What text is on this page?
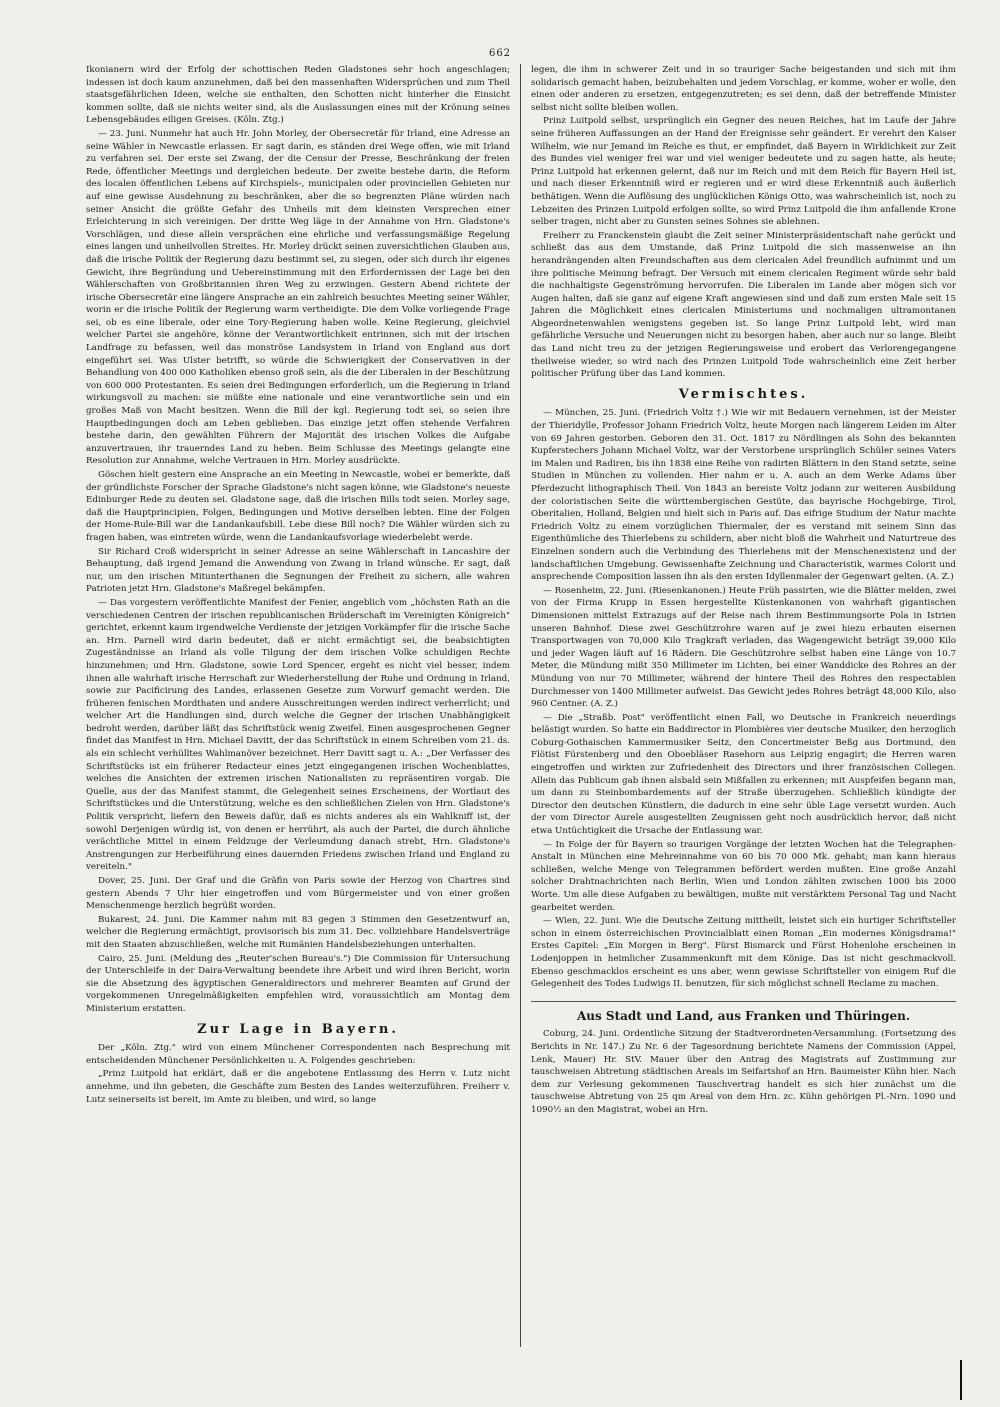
662

Ikonianern wird der Erfolg der schottischen Reden Gladstones sehr hoch angeschlagen; indessen ist doch kaum anzunehmen, daß bei den massenhaften Widersprüchen und zum Theil staatsgefährlichen Ideen, welche sie enthalten, den Schotten nicht hinterher die Einsicht kommen sollte, daß sie nichts weiter sind, als die Auslassungen eines mit der Krönung seines Lebensgebäudes eiligen Greises. (Köln. Ztg.)

— 23. Juni. Nunmehr hat auch Hr. John Morley, der Obersecretär für Irland, eine Adresse an seine Wähler in Newcastle erlassen. Er sagt darin, es ständen drei Wege offen, wie mit Irland zu verfahren sei. Der erste sei Zwang, der die Censur der Presse, Beschränkung der freien Rede, öffentlicher Meetings und dergleichen bedeute. Der zweite bestehe darin, die Reform des localen öffentlichen Lebens auf Kirchspiels-, municipalen oder provinciellen Gebieten nur auf eine gewisse Ausdehnung zu beschränken, aber die so begrenzten Pläne würden nach seiner Ansicht die größte Gefahr des Unheils mit dem kleinsten Versprechen einer Erleichterung in sich vereinigen. Der dritte Weg läge in der Annahme von Hrn. Gladstone's Vorschlägen, und diese allein versprächen eine ehrliche und verfassungsmäßige Regelung eines langen und unheilvollen Streites. Hr. Morley drückt seinen zuversichtlichen Glauben aus, daß die irische Politik der Regierung dazu bestimmt sei, zu siegen, oder sich durch ihr eigenes Gewicht, ihre Begründung und Uebereinstimmung mit den Erfordernissen der Lage bei den Wählerschaften von Großbritannien ihren Weg zu erzwingen. Gestern Abend richtete der irische Obersecretär eine längere Ansprache an ein zahlreich besuchtes Meeting seiner Wähler, worin er die irische Politik der Regierung warm vertheidigte. Die dem Volke vorliegende Frage sei, ob es eine liberale, oder eine Tory-Regierung haben wolle. Keine Regierung, gleichviel welcher Partei sie angehöre, könne der Verantwortlichkeit entrinnen, sich mit der irischen Landfrage zu befassen, weil das monströse Landsystem in Irland von England aus dort eingeführt sei. Was Ulster betrifft, so würde die Schwierigkeit der Conservativen in der Behandlung von 400 000 Katholiken ebenso groß sein, als die der Liberalen in der Beschützung von 600 000 Protestanten. Es seien drei Bedingungen erforderlich, um die Regierung in Irland wirkungsvoll zu machen: sie müßte eine nationale und eine verantwortliche sein und ein großes Maß von Macht besitzen. Wenn die Bill der kgl. Regierung todt sei, so seien ihre Hauptbedingungen doch am Leben geblieben. Das einzige jetzt offen stehende Verfahren bestehe darin, den gewählten Führern der Majorität des irischen Volkes die Aufgabe anzuvertrauen, ihr trauerndes Land zu heben. Beim Schlusse des Meetings gelangte eine Resolution zur Annahme, welche Vertrauen in Hrn. Morley ausdrückte.

Göschen hielt gestern eine Ansprache an ein Meeting in Newcastle, wobei er bemerkte, daß der gründlichste Forscher der Sprache Gladstone's nicht sagen könne, wie Gladstone's neueste Edinburger Rede zu deuten sei. Gladstone sage, daß die irischen Bills todt seien. Morley sage, daß die Hauptprincipien, Folgen, Bedingungen und Motive derselben lebten. Eine der Folgen der Home-Rule-Bill war die Landankaufsbill. Lebe diese Bill noch? Die Wähler würden sich zu fragen haben, was eintreten würde, wenn die Landankaufsvorlage wiederbelebt werde.

Sir Richard Croß widerspricht in seiner Adresse an seine Wählerschaft in Lancashire der Behauptung, daß irgend Jemand die Anwendung von Zwang in Irland wünsche. Er sagt, daß nur, um den irischen Mitunterthanen die Segnungen der Freiheit zu sichern, alle wahren Patrioten jetzt Hrn. Gladstone's Maßregel bekämpfen.

— Das vorgestern veröffentlichte Manifest der Fenier, angeblich vom „höchsten Rath an die verschiedenen Centren der irischen republicanischen Brüderschaft im Vereinigten Königreich" gerichtet, erkennt kaum irgendwelche Verdienste der jetzigen Vorkämpfer für die irische Sache an. Hrn. Parnell wird darin bedeutet, daß er nicht ermächtigt sei, die beabsichtigten Zugeständnisse an Irland als volle Tilgung der dem irischen Volke schuldigen Rechte hinzunehmen; und Hrn. Gladstone, sowie Lord Spencer, ergeht es nicht viel besser, indem ihnen alle wahrhaft irische Herrschaft zur Wiederherstellung der Ruhe und Ordnung in Irland, sowie zur Pacificirung des Landes, erlassenen Gesetze zum Vorwurf gemacht werden. Die früheren fenischen Mordthaten und andere Ausschreitungen werden indirect verherrlicht; und welcher Art die Handlungen sind, durch welche die Gegner der irischen Unabhängigkeit bedroht werden, darüber läßt das Schriftstück wenig Zweifel. Einen ausgesprochenen Gegner findet das Manifest in Hrn. Michael Davitt, der das Schriftstück in einem Schreiben vom 21. ds. als ein schlecht verhülltes Wahlmanöver bezeichnet. Herr Davitt sagt u. A.: „Der Verfasser des Schriftstücks ist ein früherer Redacteur eines jetzt eingegangenen irischen Wochenblattes, welches die Ansichten der extremen irischen Nationalisten zu repräsentiren vorgab. Die Quelle, aus der das Manifest stammt, die Gelegenheit seines Erscheinens, der Wortlaut des Schriftstückes und die Unterstützung, welche es den schließlichen Zielen von Hrn. Gladstone's Politik verspricht, liefern den Beweis dafür, daß es nichts anderes als ein Wahlkniff ist, der sowohl Derjenigen würdig ist, von denen er herrührt, als auch der Partei, die durch ähnliche verächtliche Mittel in einem Feldzuge der Verleumdung danach strebt, Hrn. Gladstone's Anstrengungen zur Herbeiführung eines dauernden Friedens zwischen Irland und England zu vereiteln."

Dover, 25. Juni. Der Graf und die Gräfin von Paris sowie der Herzog von Chartres sind gestern Abends 7 Uhr hier eingetroffen und vom Bürgermeister und von einer großen Menschenmenge herzlich begrüßt worden.

Bukarest, 24. Juni. Die Kammer nahm mit 83 gegen 3 Stimmen den Gesetzentwurf an, welcher die Regierung ermächtigt, provisorisch bis zum 31. Dec. vollziehbare Handelsverträge mit den Staaten abzuschließen, welche mit Rumänien Handelsbeziehungen unterhalten.

Cairo, 25. Juni. (Meldung des „Reuter'schen Bureau's.") Die Commission für Untersuchung der Unterschleife in der Daira-Verwaltung beendete ihre Arbeit und wird ihren Bericht, worin sie die Absetzung des ägyptischen Generaldirectors und mehrerer Beamten auf Grund der vorgekommenen Unregelmäßigkeiten empfehlen wird, voraussichtlich am Montag dem Ministerium erstatten.

Zur Lage in Bayern.

Der „Köln. Ztg." wird von einem Münchener Correspondenten nach Besprechung mit entscheidenden Münchener Persönlichkeiten u. A. Folgendes geschrieben:

„Prinz Luitpold hat erklärt, daß er die angebotene Entlassung des Herrn v. Lutz nicht annehme, und ihn gebeten, die Geschäfte zum Besten des Landes weiterzuführen. Freiherr v. Lutz seinerseits ist bereit, im Amte zu bleiben, und wird, so lange

legen, die ihm in schwerer Zeit und in so trauriger Sache beigestanden und sich mit ihm solidarisch gemacht haben, beizubehalten und jedem Vorschlag, er komme, woher er wolle, den einen oder anderen zu ersetzen, entgegenzutreten; es sei denn, daß der betreffende Minister selbst nicht sollte bleiben wollen.

Prinz Luitpold selbst, ursprünglich ein Gegner des neuen Reiches, hat im Laufe der Jahre seine früheren Auffassungen an der Hand der Ereignisse sehr geändert. Er verehrt den Kaiser Wilhelm, wie nur Jemand im Reiche es thut, er empfindet, daß Bayern in Wirklichkeit zur Zeit des Bundes viel weniger frei war und viel weniger bedeutete und zu sagen hatte, als heute; Prinz Luitpold hat erkennen gelernt, daß nur im Reich und mit dem Reich für Bayern Heil ist, und nach dieser Erkenntniß wird er regieren und er wird diese Erkenntniß auch äußerlich bethätigen. Wenn die Auflösung des unglücklichen Königs Otto, was wahrscheinlich ist, noch zu Lebzeiten des Prinzen Luitpold erfolgen sollte, so wird Prinz Luitpold die ihm anfallende Krone selber tragen, nicht aber zu Gunsten seines Sohnes sie ablehnen.

Freiherr zu Franckenstein glaubt die Zeit seiner Ministerpräsidentschaft nahe gerückt und schließt das aus dem Umstande, daß Prinz Luitpold die sich massenweise an ihn herandrängenden alten Freundschaften aus dem clericalen Adel freundlich aufnimmt und um ihre politische Meinung befragt. Der Versuch mit einem clericalen Regiment würde sehr bald die nachhaltigste Gegenströmung hervorrufen. Die Liberalen im Lande aber mögen sich vor Augen halten, daß sie ganz auf eigene Kraft angewiesen sind und daß zum ersten Male seit 15 Jahren die Möglichkeit eines clericalen Ministeriums und nochmaligen ultramontanen Abgeordnetenwahlen wenigstens gegeben ist. So lange Prinz Luitpold lebt, wird man gefährliche Versuche und Neuerungen nicht zu besorgen haben, aber auch nur so lange. Bleibt das Land nicht treu zu der jetzigen Regierungsweise und erobert das Verlorengegangene theilweise wieder, so wird nach des Prinzen Luitpold Tode wahrscheinlich eine Zeit herber politischer Prüfung über das Land kommen.

Vermischtes.

— München, 25. Juni. (Friedrich Voltz †.) Wie wir mit Bedauern vernehmen, ist der Meister der Thieridylle, Professor Johann Friedrich Voltz, heute Morgen nach längerem Leiden im Alter von 69 Jahren gestorben. Geboren den 31. Oct. 1817 zu Nördlingen als Sohn des bekannten Kupferstechers Johann Michael Voltz, war der Verstorbene ursprünglich Schüler seines Vaters im Malen und Radiren, bis ihn 1838 eine Reihe von radirten Blättern in den Stand setzte, seine Studien in München zu vollenden. Hier nahm er u. A. auch an dem Werke Adams über Pferdezucht lithographisch Theil. Von 1843 an bereiste Voltz jodann zur weiteren Ausbildung der coloristischen Seite die württembergischen Gestüte, das bayrische Hochgebirge, Tirol, Oberitalien, Holland, Belgien und hielt sich in Paris auf. Das eifrige Studium der Natur machte Friedrich Voltz zu einem vorzüglichen Thiermaler, der es verstand mit seinem Sinn das Eigenthümliche des Thierlebens zu schildern, aber nicht bloß die Wahrheit und Naturtreue des Einzelnen sondern auch die Verbindung des Thierlebens mit der Menschenexistenz und der landschaftlichen Umgebung. Gewissenhafte Zeichnung und Characteristik, warmes Colorit und ansprechende Composition lassen ihn als den ersten Idyllenmaler der Gegenwart gelten. (A. Z.)

— Rosenheim, 22. Juni. (Riesenkanonen.) Heute Früh passirten, wie die Blätter melden, zwei von der Firma Krupp in Essen hergestellte Küstenkanonen von wahrhaft gigantischen Dimensionen mittelst Extrazugs auf der Reise nach ihrem Bestimmungsorte Pola in Istrien unseren Bahnhof. Diese zwei Geschützrohre waren auf je zwei hiezu erbauten eisernen Transportwagen von 70,000 Kilo Tragkraft verladen, das Wagengewicht beträgt 39,000 Kilo und jeder Wagen läuft auf 16 Rädern. Die Geschützrohre selbst haben eine Länge von 10.7 Meter, die Mündung mißt 350 Millimeter im Lichten, bei einer Wanddicke des Rohres an der Mündung von nur 70 Millimeter, während der hintere Theil des Rohres den respectablen Durchmesser von 1400 Millimeter aufweist. Das Gewicht jedes Rohres beträgt 48,000 Kilo, also 960 Centner. (A. Z.)

— Die „Straßb. Post" veröffentlicht einen Fall, wo Deutsche in Frankreich neuerdings belästigt wurden. So hatte ein Baddirector in Plombières vier deutsche Musiker, den herzoglich Coburg-Gothaischen Kammermusiker Seitz, den Concertmeister Beßg aus Dortmund, den Flötist Fürstenberg und den Oboebläser Rasehorn aus Leipzig engagirt; die Herren waren eingetroffen und wirkten zur Zufriedenheit des Directors und ihrer französischen Collegen. Allein das Publicum gab ihnen alsbald sein Mißfallen zu erkennen; mit Auspfeifen begann man, um dann zu Steinbombardements auf der Straße überzugehen. Schließlich kündigte der Director den deutschen Künstlern, die dadurch in eine sehr üble Lage versetzt wurden. Auch der vom Director Aurele ausgestellten Zeugnissen geht noch ausdrücklich hervor, daß nicht etwa Untüchtigkeit die Ursache der Entlassung war.

— In Folge der für Bayern so traurigen Vorgänge der letzten Wochen hat die Telegraphen-Anstalt in München eine Mehreinnahme von 60 bis 70 000 Mk. gehabt; man kann hieraus schließen, welche Menge von Telegrammen befördert werden mußten. Eine große Anzahl solcher Drahtnachrichten nach Berlin, Wien und London zählten zwischen 1000 bis 2000 Worte. Um alle diese Aufgaben zu bewältigen, mußte mit verstärktem Personal Tag und Nacht gearbeitet werden.

— Wien, 22. Juni. Wie die Deutsche Zeitung mittheilt, leistet sich ein hurtiger Schriftsteller schon in einem österreichischen Provincialblatt einen Roman „Ein modernes Königsdrama!" Erstes Capitel: „Ein Morgen in Berg". Fürst Bismarck und Fürst Hohenlohe erscheinen in Lodenjoppen in heimlicher Zusammenkunft mit dem Könige. Das ist nicht geschmackvoll. Ebenso geschmacklos erscheint es uns aber, wenn gewisse Schriftsteller von einigem Ruf die Gelegenheit des Todes Ludwigs II. benutzen, für sich möglichst schnell Reclame zu machen.

Aus Stadt und Land, aus Franken und Thüringen.

Coburg, 24. Juni. Ordentliche Sitzung der Stadtverordneten-Versammlung. (Fortsetzung des Berichts in Nr. 147.) Zu Nr. 6 der Tagesordnung berichtete Namens der Commission (Appel, Lenk, Mauer) Hr. StV. Mauer über den Antrag des Magistrats auf Zustimmung zur tauschweisen Abtretung städtischen Areals im Seifartshof an Hrn. Baumeister Kühn hier. Nach dem zur Verlesung gekommenen Tauschvertrag handelt es sich hier zunächst um die tauschweise Abtretung von 25 qm Areal von dem Hrn. zc. Kühn gehörigen Pl.-Nrn. 1090 und 1090½ an den Magistrat, wobei an Hrn.
